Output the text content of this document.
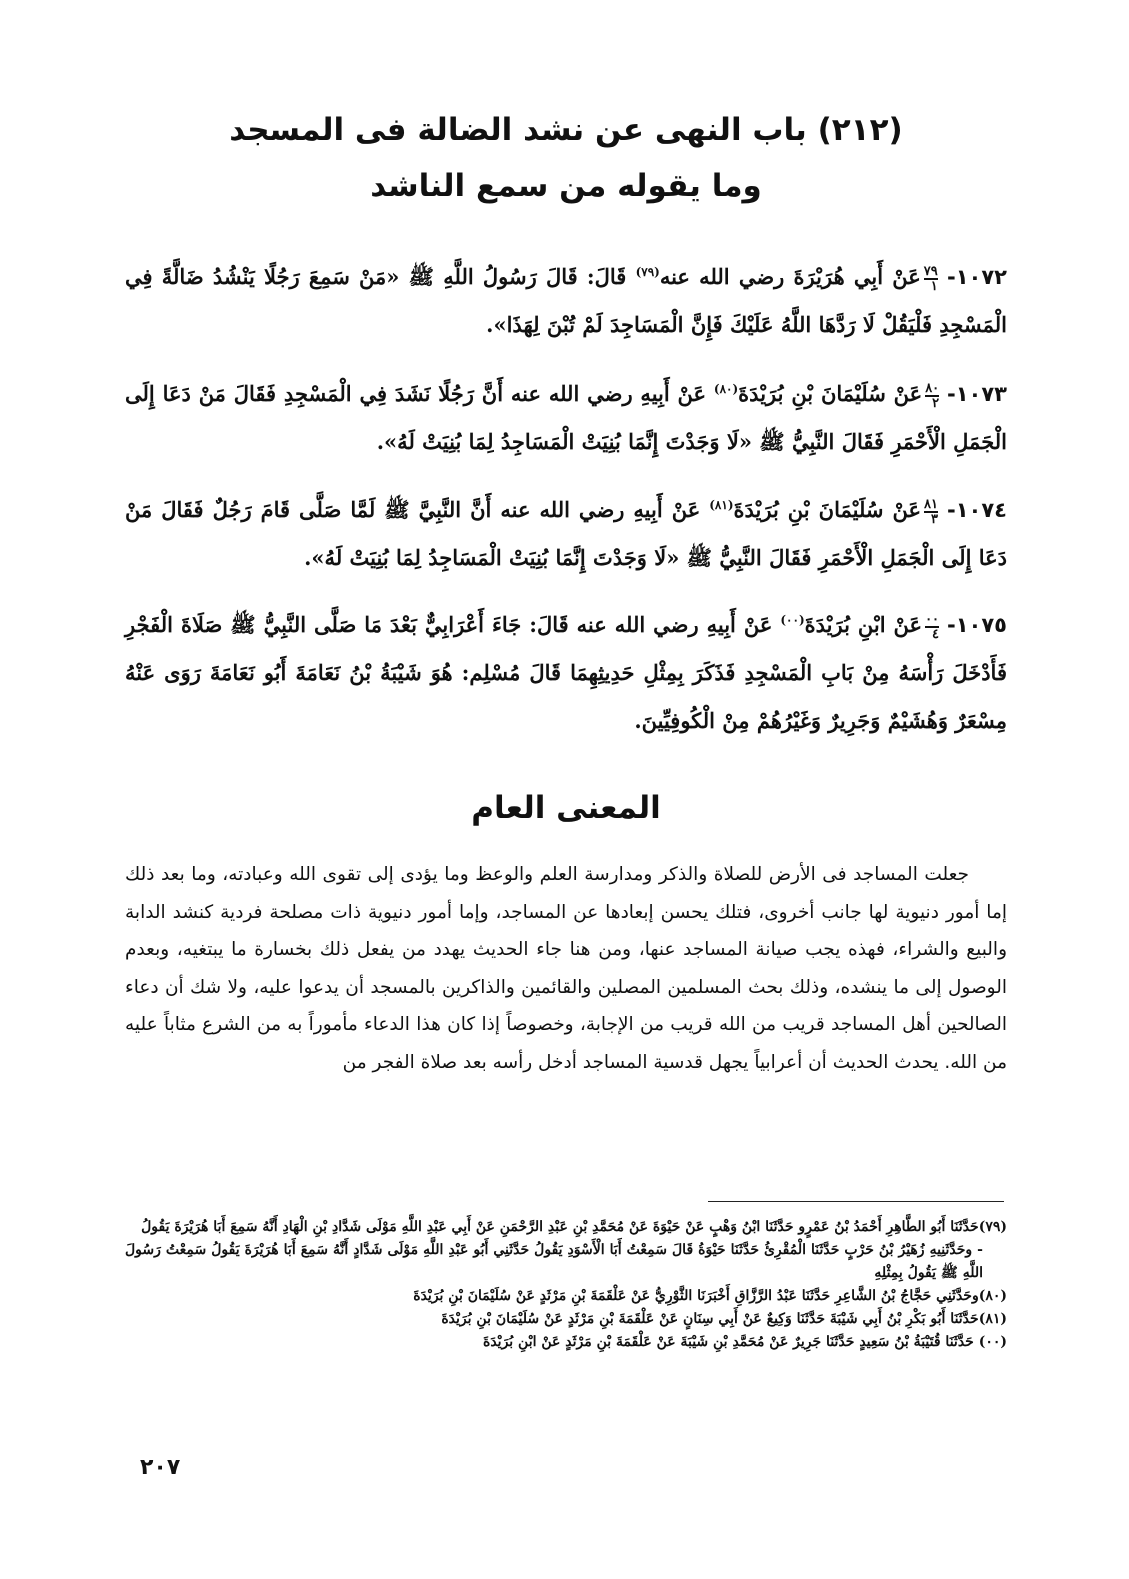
(٢١٢) باب النهى عن نشد الضالة فى المسجد
وما يقوله من سمع الناشد
١٠٧٢-
$\frac{٧٩}{١}$
عَنْ أَبِي هُرَيْرَةَ رضي الله عنه$^{(٧٩)}$ قَالَ: قَالَ رَسُولُ اللَّهِ ﷺ «مَنْ سَمِعَ رَجُلًا يَنْشُدُ ضَالَّةً فِي الْمَسْجِدِ فَلْيَقُلْ لَا رَدَّهَا اللَّهُ عَلَيْكَ فَإِنَّ الْمَسَاجِدَ لَمْ تُبْنَ لِهَذَا».
١٠٧٣-
$\frac{٨٠}{٢}$
عَنْ سُلَيْمَانَ بْنِ بُرَيْدَةَ$^{(٨٠)}$ عَنْ أَبِيهِ رضي الله عنه أَنَّ رَجُلًا نَشَدَ فِي الْمَسْجِدِ فَقَالَ مَنْ دَعَا إِلَى الْجَمَلِ الْأَحْمَرِ فَقَالَ النَّبِيُّ ﷺ «لَا وَجَدْتَ إِنَّمَا بُنِيَتْ الْمَسَاجِدُ لِمَا بُنِيَتْ لَهُ».
١٠٧٤-
$\frac{٨١}{٣}$
عَنْ سُلَيْمَانَ بْنِ بُرَيْدَةَ$^{(٨١)}$ عَنْ أَبِيهِ رضي الله عنه أَنَّ النَّبِيَّ ﷺ لَمَّا صَلَّى قَامَ رَجُلٌ فَقَالَ مَنْ دَعَا إِلَى الْجَمَلِ الْأَحْمَرِ فَقَالَ النَّبِيُّ ﷺ «لَا وَجَدْتَ إِنَّمَا بُنِيَتْ الْمَسَاجِدُ لِمَا بُنِيَتْ لَهُ».
١٠٧٥-
$\frac{٠٠}{٤}$
عَنْ ابْنِ بُرَيْدَةَ$^{(٠٠)}$ عَنْ أَبِيهِ رضي الله عنه قَالَ: جَاءَ أَعْرَابِيٌّ بَعْدَ مَا صَلَّى النَّبِيُّ ﷺ صَلَاةَ الْفَجْرِ فَأَدْخَلَ رَأْسَهُ مِنْ بَابِ الْمَسْجِدِ فَذَكَرَ بِمِثْلِ حَدِيثِهِمَا قَالَ مُسْلِم: هُوَ شَيْبَةُ بْنُ نَعَامَةَ أَبُو نَعَامَةَ رَوَى عَنْهُ مِسْعَرٌ وَهُشَيْمٌ وَجَرِيرٌ وَغَيْرُهُمْ مِنْ الْكُوفِيِّينَ.
المعنى العام
جعلت المساجد فى الأرض للصلاة والذكر ومدارسة العلم والوعظ وما يؤدى إلى تقوى الله وعبادته، وما بعد ذلك إما أمور دنيوية لها جانب أخروى، فتلك يحسن إبعادها عن المساجد، وإما أمور دنيوية ذات مصلحة فردية كنشد الدابة والبيع والشراء، فهذه يجب صيانة المساجد عنها، ومن هنا جاء الحديث يهدد من يفعل ذلك بخسارة ما يبتغيه، وبعدم الوصول إلى ما ينشده، وذلك بحث المسلمين المصلين والقائمين والذاكرين بالمسجد أن يدعوا عليه، ولا شك أن دعاء الصالحين أهل المساجد قريب من الله قريب من الإجابة، وخصوصاً إذا كان هذا الدعاء مأموراً به من الشرع مثاباً عليه من الله. يحدث الحديث أن أعرابياً يجهل قدسية المساجد أدخل رأسه بعد صلاة الفجر من
(٧٩)حَدَّثَنَا أَبُو الطَّاهِرِ أَحْمَدُ بْنُ عَمْرٍو حَدَّثَنَا ابْنُ وَهْبٍ عَنْ حَيْوَةَ عَنْ مُحَمَّدِ بْنِ عَبْدِ الرَّحْمَنِ عَنْ أَبِي عَبْدِ اللَّهِ مَوْلَى شَدَّادِ بْنِ الْهَادِ أَنَّهُ سَمِعَ أَبَا هُرَيْرَةَ يَقُولُ
- وحَدَّثَنِيهِ زُهَيْرُ بْنُ حَرْبٍ حَدَّثَنَا الْمُقْرِئُ حَدَّثَنَا حَيْوَةُ قَالَ سَمِعْتُ أَبَا الْأَسْوَدِ يَقُولُ حَدَّثَنِي أَبُو عَبْدِ اللَّهِ مَوْلَى شَدَّادٍ أَنَّهُ سَمِعَ أَبَا هُرَيْرَةَ يَقُولُ سَمِعْتُ رَسُولَ اللَّهِ ﷺ يَقُولُ بِمِثْلِهِ
(٨٠)وحَدَّثَنِي حَجَّاجُ بْنُ الشَّاعِرِ حَدَّثَنَا عَبْدُ الرَّزَّاقِ أَخْبَرَنَا الثَّوْرِيُّ عَنْ عَلْقَمَةَ بْنِ مَرْثَدٍ عَنْ سُلَيْمَانَ بْنِ بُرَيْدَةَ
(٨١)حَدَّثَنَا أَبُو بَكْرِ بْنُ أَبِي شَيْبَةَ حَدَّثَنَا وَكِيعٌ عَنْ أَبِي سِنَانٍ عَنْ عَلْقَمَةَ بْنِ مَرْثَدٍ عَنْ سُلَيْمَانَ بْنِ بُرَيْدَةَ
(٠٠) حَدَّثَنَا قُتَيْبَةُ بْنُ سَعِيدٍ حَدَّثَنَا جَرِيرٌ عَنْ مُحَمَّدِ بْنِ شَيْبَةَ عَنْ عَلْقَمَةَ بْنِ مَرْثَدٍ عَنْ ابْنِ بُرَيْدَةَ
٢٠٧
